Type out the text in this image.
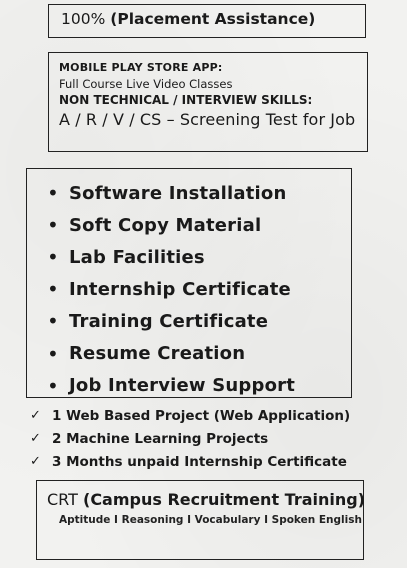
100% (Placement Assistance)
MOBILE PLAY STORE APP:
Full Course Live Video Classes
NON TECHNICAL / INTERVIEW SKILLS:
A / R / V / CS – Screening Test for Job
• Software Installation
• Soft Copy Material
• Lab Facilities
• Internship Certificate
• Training Certificate
• Resume Creation
• Job Interview Support
✓ 1 Web Based Project (Web Application)
✓ 2 Machine Learning Projects
✓ 3 Months unpaid Internship Certificate
CRT (Campus Recruitment Training)
Aptitude I Reasoning I Vocabulary I Spoken English
